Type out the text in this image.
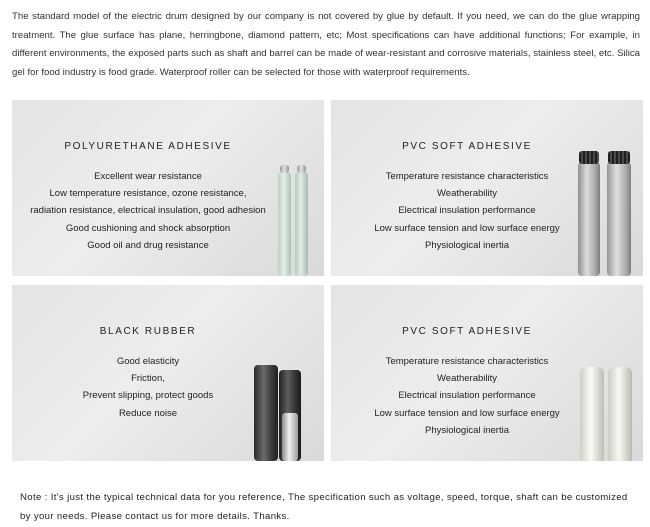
The standard model of the electric drum designed by our company is not covered by glue by default. If you need, we can do the glue wrapping treatment. The glue surface has plane, herringbone, diamond pattern, etc; Most specifications can have additional functions; For example, in different environments, the exposed parts such as shaft and barrel can be made of wear-resistant and corrosive materials, stainless steel, etc. Silica gel for food industry is food grade. Waterproof roller can be selected for those with waterproof requirements.
POLYURETHANE ADHESIVE
Excellent wear resistance
Low temperature resistance, ozone resistance,
radiation resistance, electrical insulation, good adhesion
Good cushioning and shock absorption
Good oil and drug resistance
PVC SOFT ADHESIVE
Temperature resistance characteristics
Weatherability
Electrical insulation performance
Low surface tension and low surface energy
Physiological inertia
BLACK RUBBER
Good elasticity
Friction,
Prevent slipping, protect goods
Reduce noise
PVC SOFT ADHESIVE
Temperature resistance characteristics
Weatherability
Electrical insulation performance
Low surface tension and low surface energy
Physiological inertia
Note : It's just the typical technical data for you reference, The specification such as voltage, speed, torque, shaft can be customized by your needs. Please contact us for more details. Thanks.
